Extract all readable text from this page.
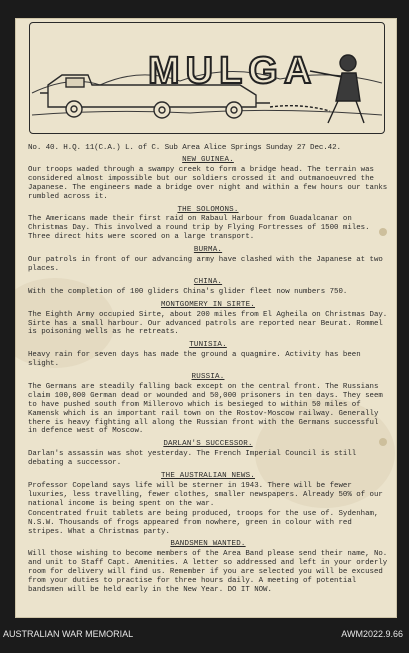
MULGA
No. 40. H.Q. 11(C.A.) L. of C. Sub Area Alice Springs Sunday 27 Dec.42.
NEW GUINEA.
Our troops waded through a swampy creek to form a bridge head. The terrain was considered almost impossible but our soldiers crossed it and outmanoeuvred the Japanese. The engineers made a bridge over night and within a few hours our tanks rumbled across it.
THE SOLOMONS.
The Americans made their first raid on Rabaul Harbour from Guadalcanar on Christmas Day. This involved a round trip by Flying Fortresses of 1500 miles. Three direct hits were scored on a large transport.
BURMA.
Our patrols in front of our advancing army have clashed with the Japanese at two places.
CHINA.
With the completion of 100 gliders China's glider fleet now numbers 750.
MONTGOMERY IN SIRTE.
The Eighth Army occupied Sirte, about 200 miles from El Agheila on Christmas Day. Sirte has a small harbour. Our advanced patrols are reported near Beurat. Rommel is poisoning wells as he retreats.
TUNISIA.
Heavy rain for seven days has made the ground a quagmire. Activity has been slight.
RUSSIA.
The Germans are steadily falling back except on the central front. The Russians claim 100,000 German dead or wounded and 50,000 prisoners in ten days. They seem to have pushed south from Millerovo which is besieged to within 50 miles of Kamensk which is an important rail town on the Rostov-Moscow railway. Generally there is heavy fighting all along the Russian front with the Germans successful in defence west of Moscow.
DARLAN'S SUCCESSOR.
Darlan's assassin was shot yesterday. The French Imperial Council is still debating a successor.
THE AUSTRALIAN NEWS.
Professor Copeland says life will be sterner in 1943. There will be fewer luxuries, less travelling, fewer clothes, smaller newspapers. Already 50% of our national income is being spent on the war.
Concentrated fruit tablets are being produced, troops for the use of. Sydenham, N.S.W. Thousands of frogs appeared from nowhere, green in colour with red stripes. What a Christmas party.
BANDSMEN WANTED.
Will those wishing to become members of the Area Band please send their name, No. and unit to Staff Capt. Amenities. A letter so addressed and left in your orderly room for delivery will find us. Remember if you are selected you will be excused from your duties to practise for three hours daily. A meeting of potential bandsmen will be held early in the New Year. DO IT NOW.
AUSTRALIAN WAR MEMORIAL	AWM2022.9.66
